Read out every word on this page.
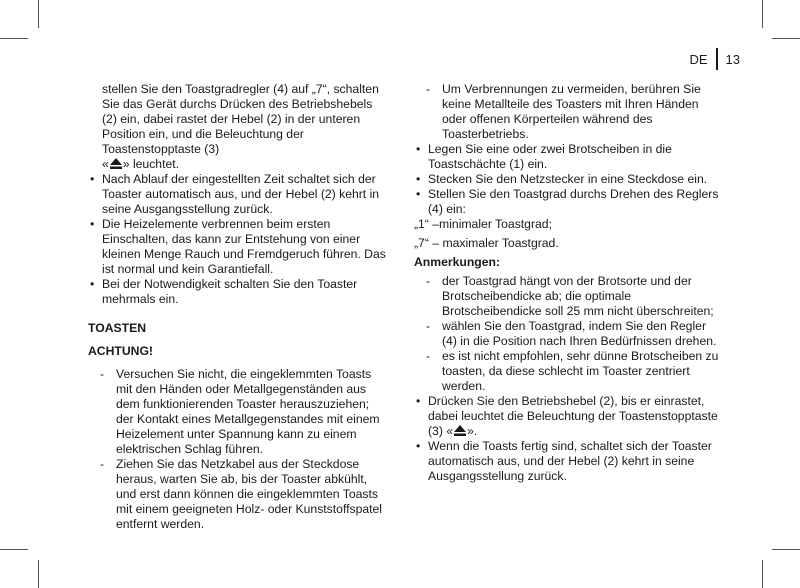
DE 13

stellen Sie den Toastgradregler (4) auf „7“, schalten Sie das Gerät durchs Drücken des Betriebshebels (2) ein, dabei rastet der Hebel (2) in der unteren Position ein, und die Beleuchtung der Toastenstopptaste (3)
« » leuchtet.

• Nach Ablauf der eingestellten Zeit schaltet sich der Toaster automatisch aus, und der Hebel (2) kehrt in seine Ausgangsstellung zurück.

• Die Heizelemente verbrennen beim ersten Einschalten, das kann zur Entstehung von einer kleinen Menge Rauch und Fremdgeruch führen. Das ist normal und kein Garantiefall.

• Bei der Notwendigkeit schalten Sie den Toaster mehrmals ein.

TOASTEN

ACHTUNG!

- Versuchen Sie nicht, die eingeklemmten Toasts mit den Händen oder Metallgegenständen aus dem funktionierenden Toaster herauszuziehen; der Kontakt eines Metallgegenstandes mit einem Heizelement unter Spannung kann zu einem elektrischen Schlag führen.

- Ziehen Sie das Netzkabel aus der Steckdose heraus, warten Sie ab, bis der Toaster abkühlt, und erst dann können die eingeklemmten Toasts mit einem geeigneten Holz- oder Kunststoffspatel entfernt werden.

- Um Verbrennungen zu vermeiden, berühren Sie keine Metallteile des Toasters mit Ihren Händen oder offenen Körperteilen während des Toasterbetriebs.

• Legen Sie eine oder zwei Brotscheiben in die Toastschächte (1) ein.

• Stecken Sie den Netzstecker in eine Steckdose ein.

• Stellen Sie den Toastgrad durchs Drehen des Reglers (4) ein:

„1“ –minimaler Toastgrad;

„7“ – maximaler Toastgrad.

Anmerkungen:

- der Toastgrad hängt von der Brotsorte und der Brotscheibendicke ab; die optimale Brotscheibendicke soll 25 mm nicht überschreiten;

- wählen Sie den Toastgrad, indem Sie den Regler (4) in die Position nach Ihren Bedürfnissen drehen.

- es ist nicht empfohlen, sehr dünne Brotscheiben zu toasten, da diese schlecht im Toaster zentriert werden.

• Drücken Sie den Betriebshebel (2), bis er einrastet, dabei leuchtet die Beleuchtung der Toastenstopptaste (3) « ».

• Wenn die Toasts fertig sind, schaltet sich der Toaster automatisch aus, und der Hebel (2) kehrt in seine Ausgangsstellung zurück.
